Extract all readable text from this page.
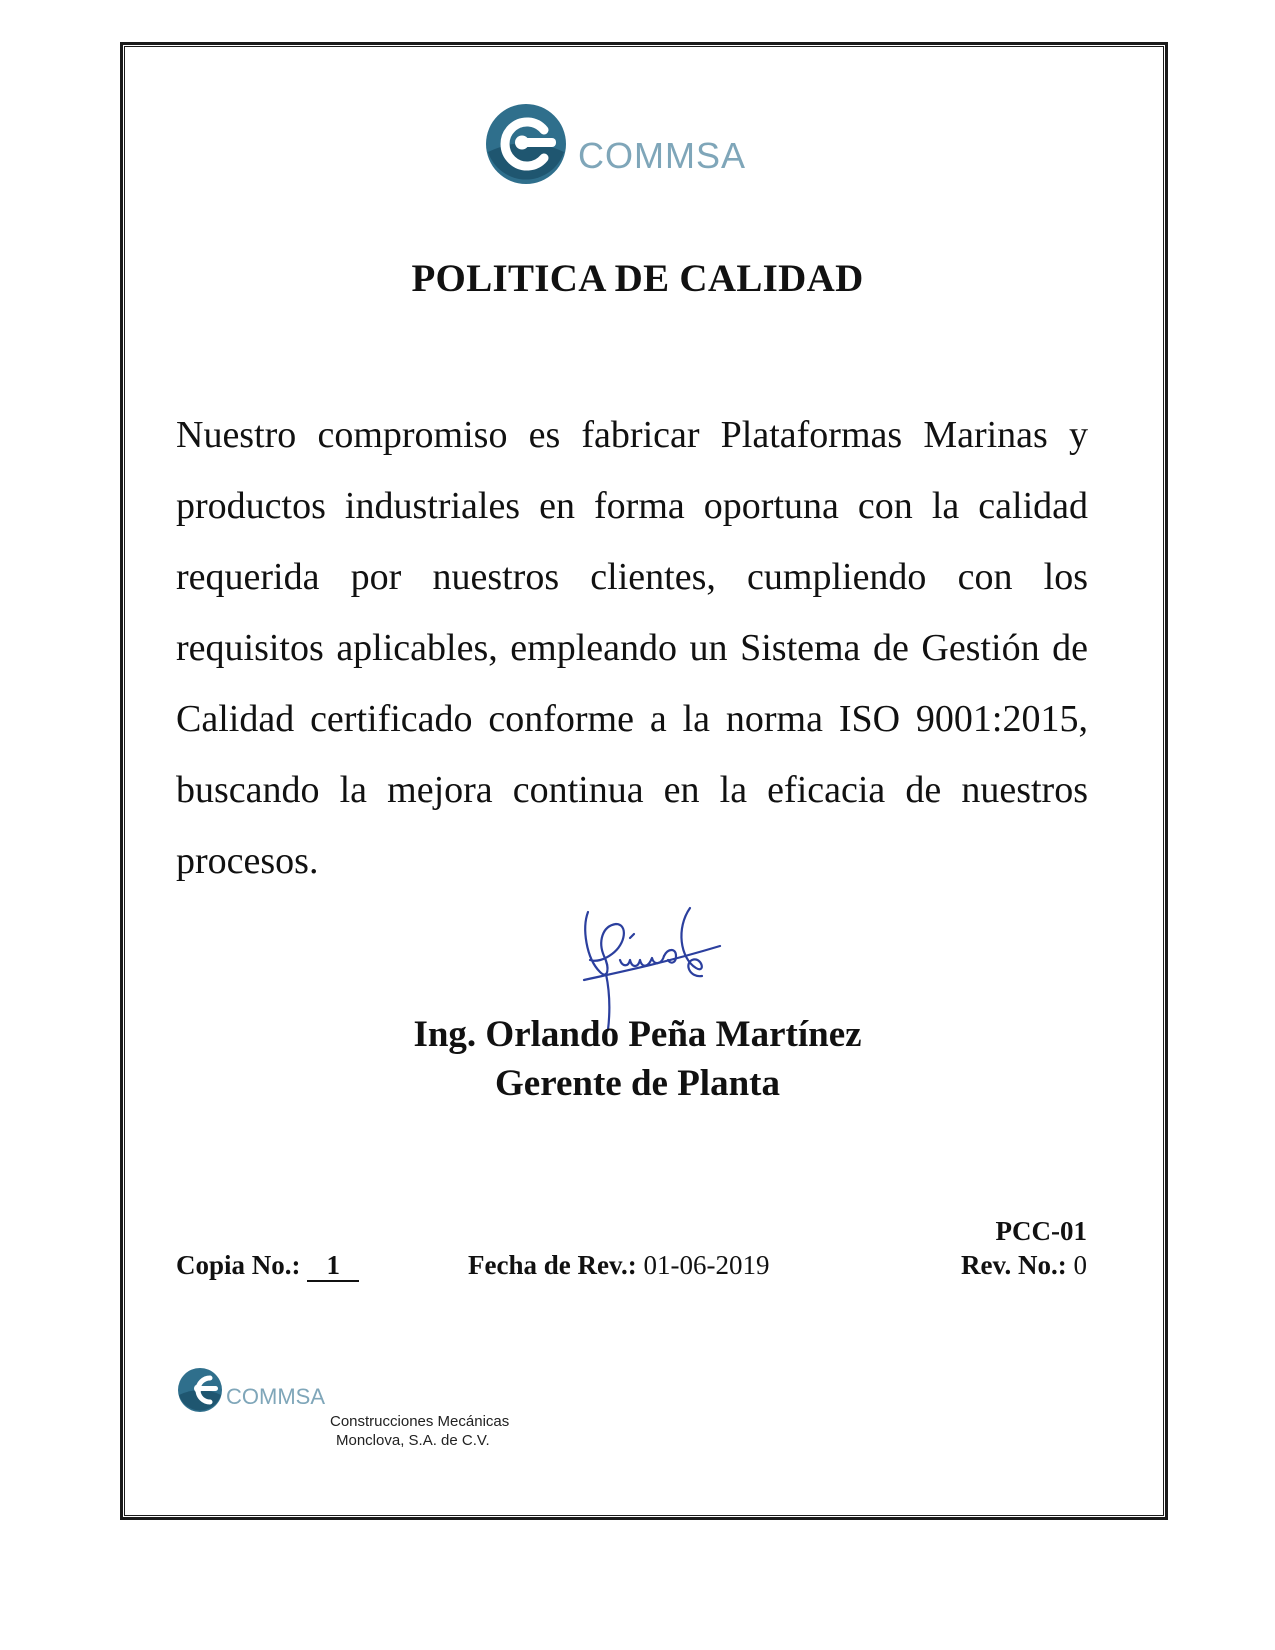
COMMSA
POLITICA DE CALIDAD

Nuestro compromiso es fabricar Plataformas Marinas y productos industriales en forma oportuna con la calidad requerida por nuestros clientes, cumpliendo con los requisitos aplicables, empleando un Sistema de Gestión de Calidad certificado conforme a la norma ISO 9001:2015, buscando la mejora continua en la eficacia de nuestros procesos.

Ing. Orlando Peña Martínez
Gerente de Planta
Copia No.: 1	Fecha de Rev.: 01-06-2019
PCC-01
Rev. No.: 0
COMMSA
Construcciones Mecánicas
Monclova, S.A. de C.V.
